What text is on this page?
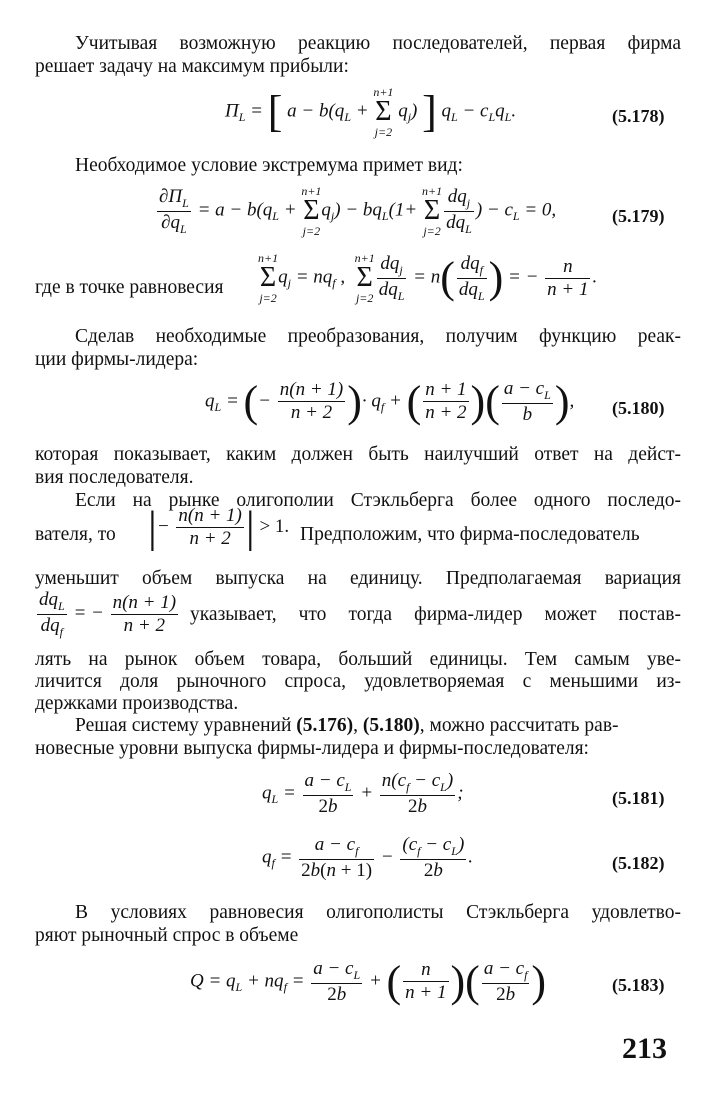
Учитывая возможную реакцию последователей, первая фирма
решает задачу на максимум прибыли:
$П_L$ = [ $a - b(q_L$ +
n+1
Σ
j=2
$q_j$) ] $q_L - c_Lq_L$.	(5.178)
Необходимое условие экстремума примет вид:
$\frac{\partial П_L}{\partial q_L} = a - b(q_L$ +
n+1
Σ
j=2
$q_j) - bq_L(1+$
n+1
Σ
$j=2 \frac{dq_j}{dq_L}$ ) − $c_L = 0$,	(5.179)
где в точке равновесия
n+1
Σ
j=2
$q_j = nq_f$ ,
n+1
Σ
$j=2 \frac{dq_j}{dq_L} = n( \frac{dq_f}{dq_L}$ ) = − $\frac{n}{n + 1}$ .
Сделав необходимые преобразования, получим функцию реак-
ции фирмы-лидера:
$q_L$ = (− $\frac{n(n + 1)}{n + 2}$ )· $q_f$ + ( $\frac{n + 1}{n + 2}$ )( $\frac{a - c_L}{b}$ ), (5.180)
которая показывает, каким должен быть наилучший ответ на дейст-
вия последователя.
Если на рынке олигополии Стэкльберга более одного последо-
вателя, то |− $\frac{n(n + 1)}{n + 2}$ | > 1. Предположим, что фирма-последователь
уменьшит объем выпуска на единицу. Предполагаемая вариация
$\frac{dq_L}{dq_f}$ = − $\frac{n(n + 1)}{n + 2}$ указывает, что тогда фирма-лидер может постав-
лять на рынок объем товара, больший единицы. Тем самым уве-
личится доля рыночного спроса, удовлетворяемая с меньшими из-
держками производства.
Решая систему уравнений (5.176), (5.180), можно рассчитать рав-
новесные уровни выпуска фирмы-лидера и фирмы-последователя:
$q_L = \frac{a - c_L}{2b} + \frac{n(c_f - c_L)}{2b}$ ;	(5.181)
$q_f = \frac{a - c_f}{2b(n + 1)} - \frac{(c_f - c_L)}{2b}$ .	(5.182)
В условиях равновесия олигополисты Стэкльберга удовлетво-
ряют рыночный спрос в объеме
$Q = q_L + nq_f = \frac{a - c_L}{2b}$ + ( $\frac{n}{n + 1}$ )( $\frac{a - c_f}{2b}$ )	(5.183)
213
